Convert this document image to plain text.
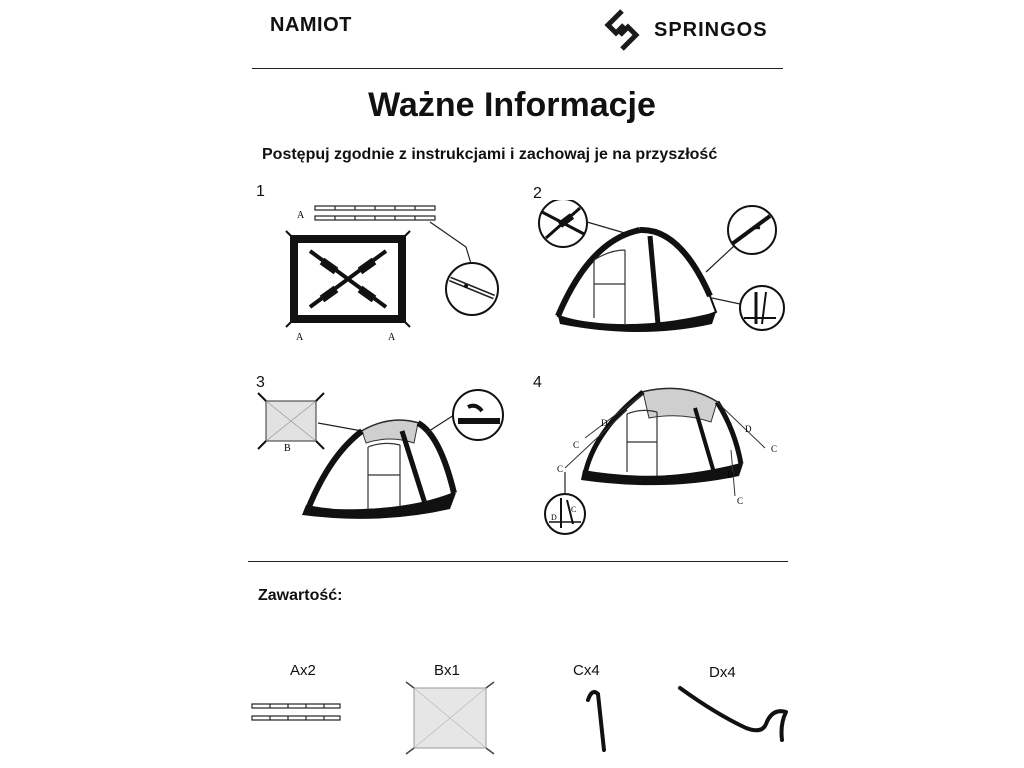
NAMIOT	SPRINGOS
Ważne Informacje
Postępuj zgodnie z instrukcjami i zachowaj je na przyszłość
1
A
A	A
2
3
B
4
D
C
C
D
C
D
C
D
C
Zawartość:
Ax2	Bx1	Cx4	Dx4
